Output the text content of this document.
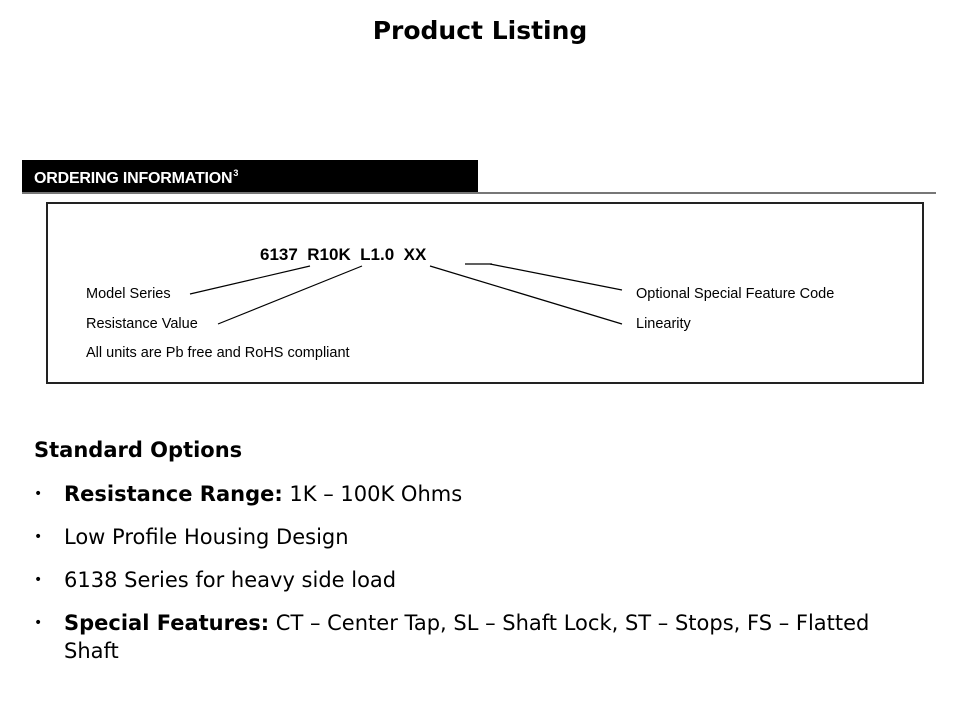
Product Listing
ORDERING INFORMATION$^3$
6137  R10K  L1.0  XX
Model Series
Resistance Value
All units are Pb free and RoHS compliant
Optional Special Feature Code
Linearity
Standard Options
• Resistance Range: 1K – 100K Ohms
• Low Profile Housing Design
• 6138 Series for heavy side load
• Special Features: CT – Center Tap, SL – Shaft Lock, ST – Stops, FS – Flatted Shaft
